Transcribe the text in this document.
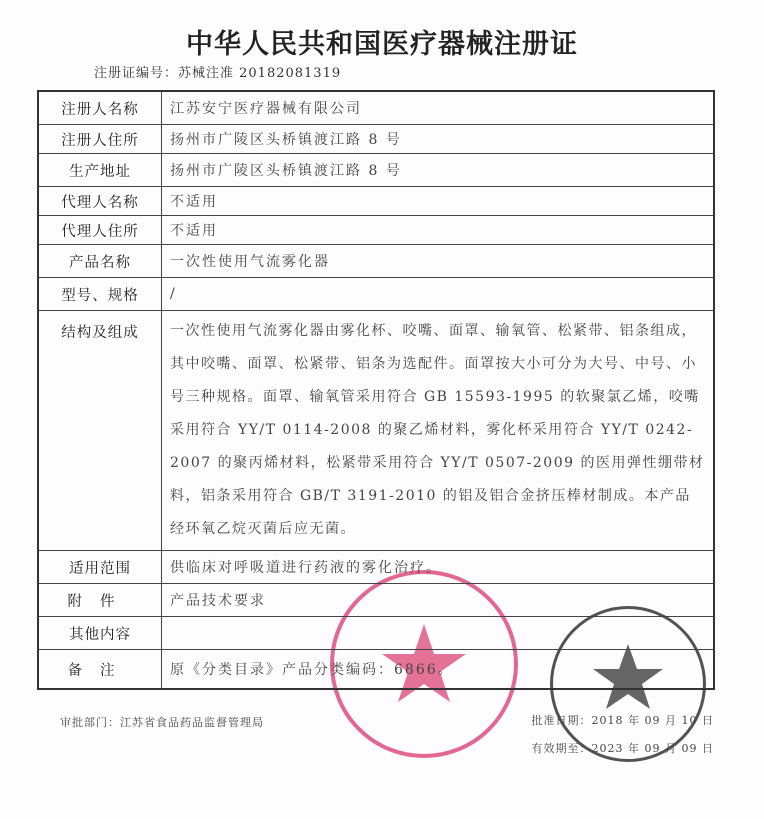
中华人民共和国医疗器械注册证
注册证编号：苏械注准 20182081319
注册人名称	江苏安宁医疗器械有限公司
注册人住所	扬州市广陵区头桥镇渡江路 8 号
生产地址	扬州市广陵区头桥镇渡江路 8 号
代理人名称	不适用
代理人住所	不适用
产品名称	一次性使用气流雾化器
型号、规格	/
结构及组成	一次性使用气流雾化器由雾化杯、咬嘴、面罩、输氧管、松紧带、铝条组成，其中咬嘴、面罩、松紧带、铝条为选配件。面罩按大小可分为大号、中号、小号三种规格。面罩、输氧管采用符合 GB 15593-1995 的软聚氯乙烯，咬嘴采用符合 YY/T 0114-2008 的聚乙烯材料，雾化杯采用符合 YY/T 0242-2007 的聚丙烯材料，松紧带采用符合 YY/T 0507-2009 的医用弹性绷带材料，铝条采用符合 GB/T 3191-2010 的铝及铝合金挤压棒材制成。本产品经环氧乙烷灭菌后应无菌。
适用范围	供临床对呼吸道进行药液的雾化治疗。
附件	产品技术要求
其他内容	
备注	原《分类目录》产品分类编码：6866。
审批部门：江苏省食品药品监督管理局	批准日期：2018 年 09 月 10 日
有效期至：2023 年 09 月 09 日
